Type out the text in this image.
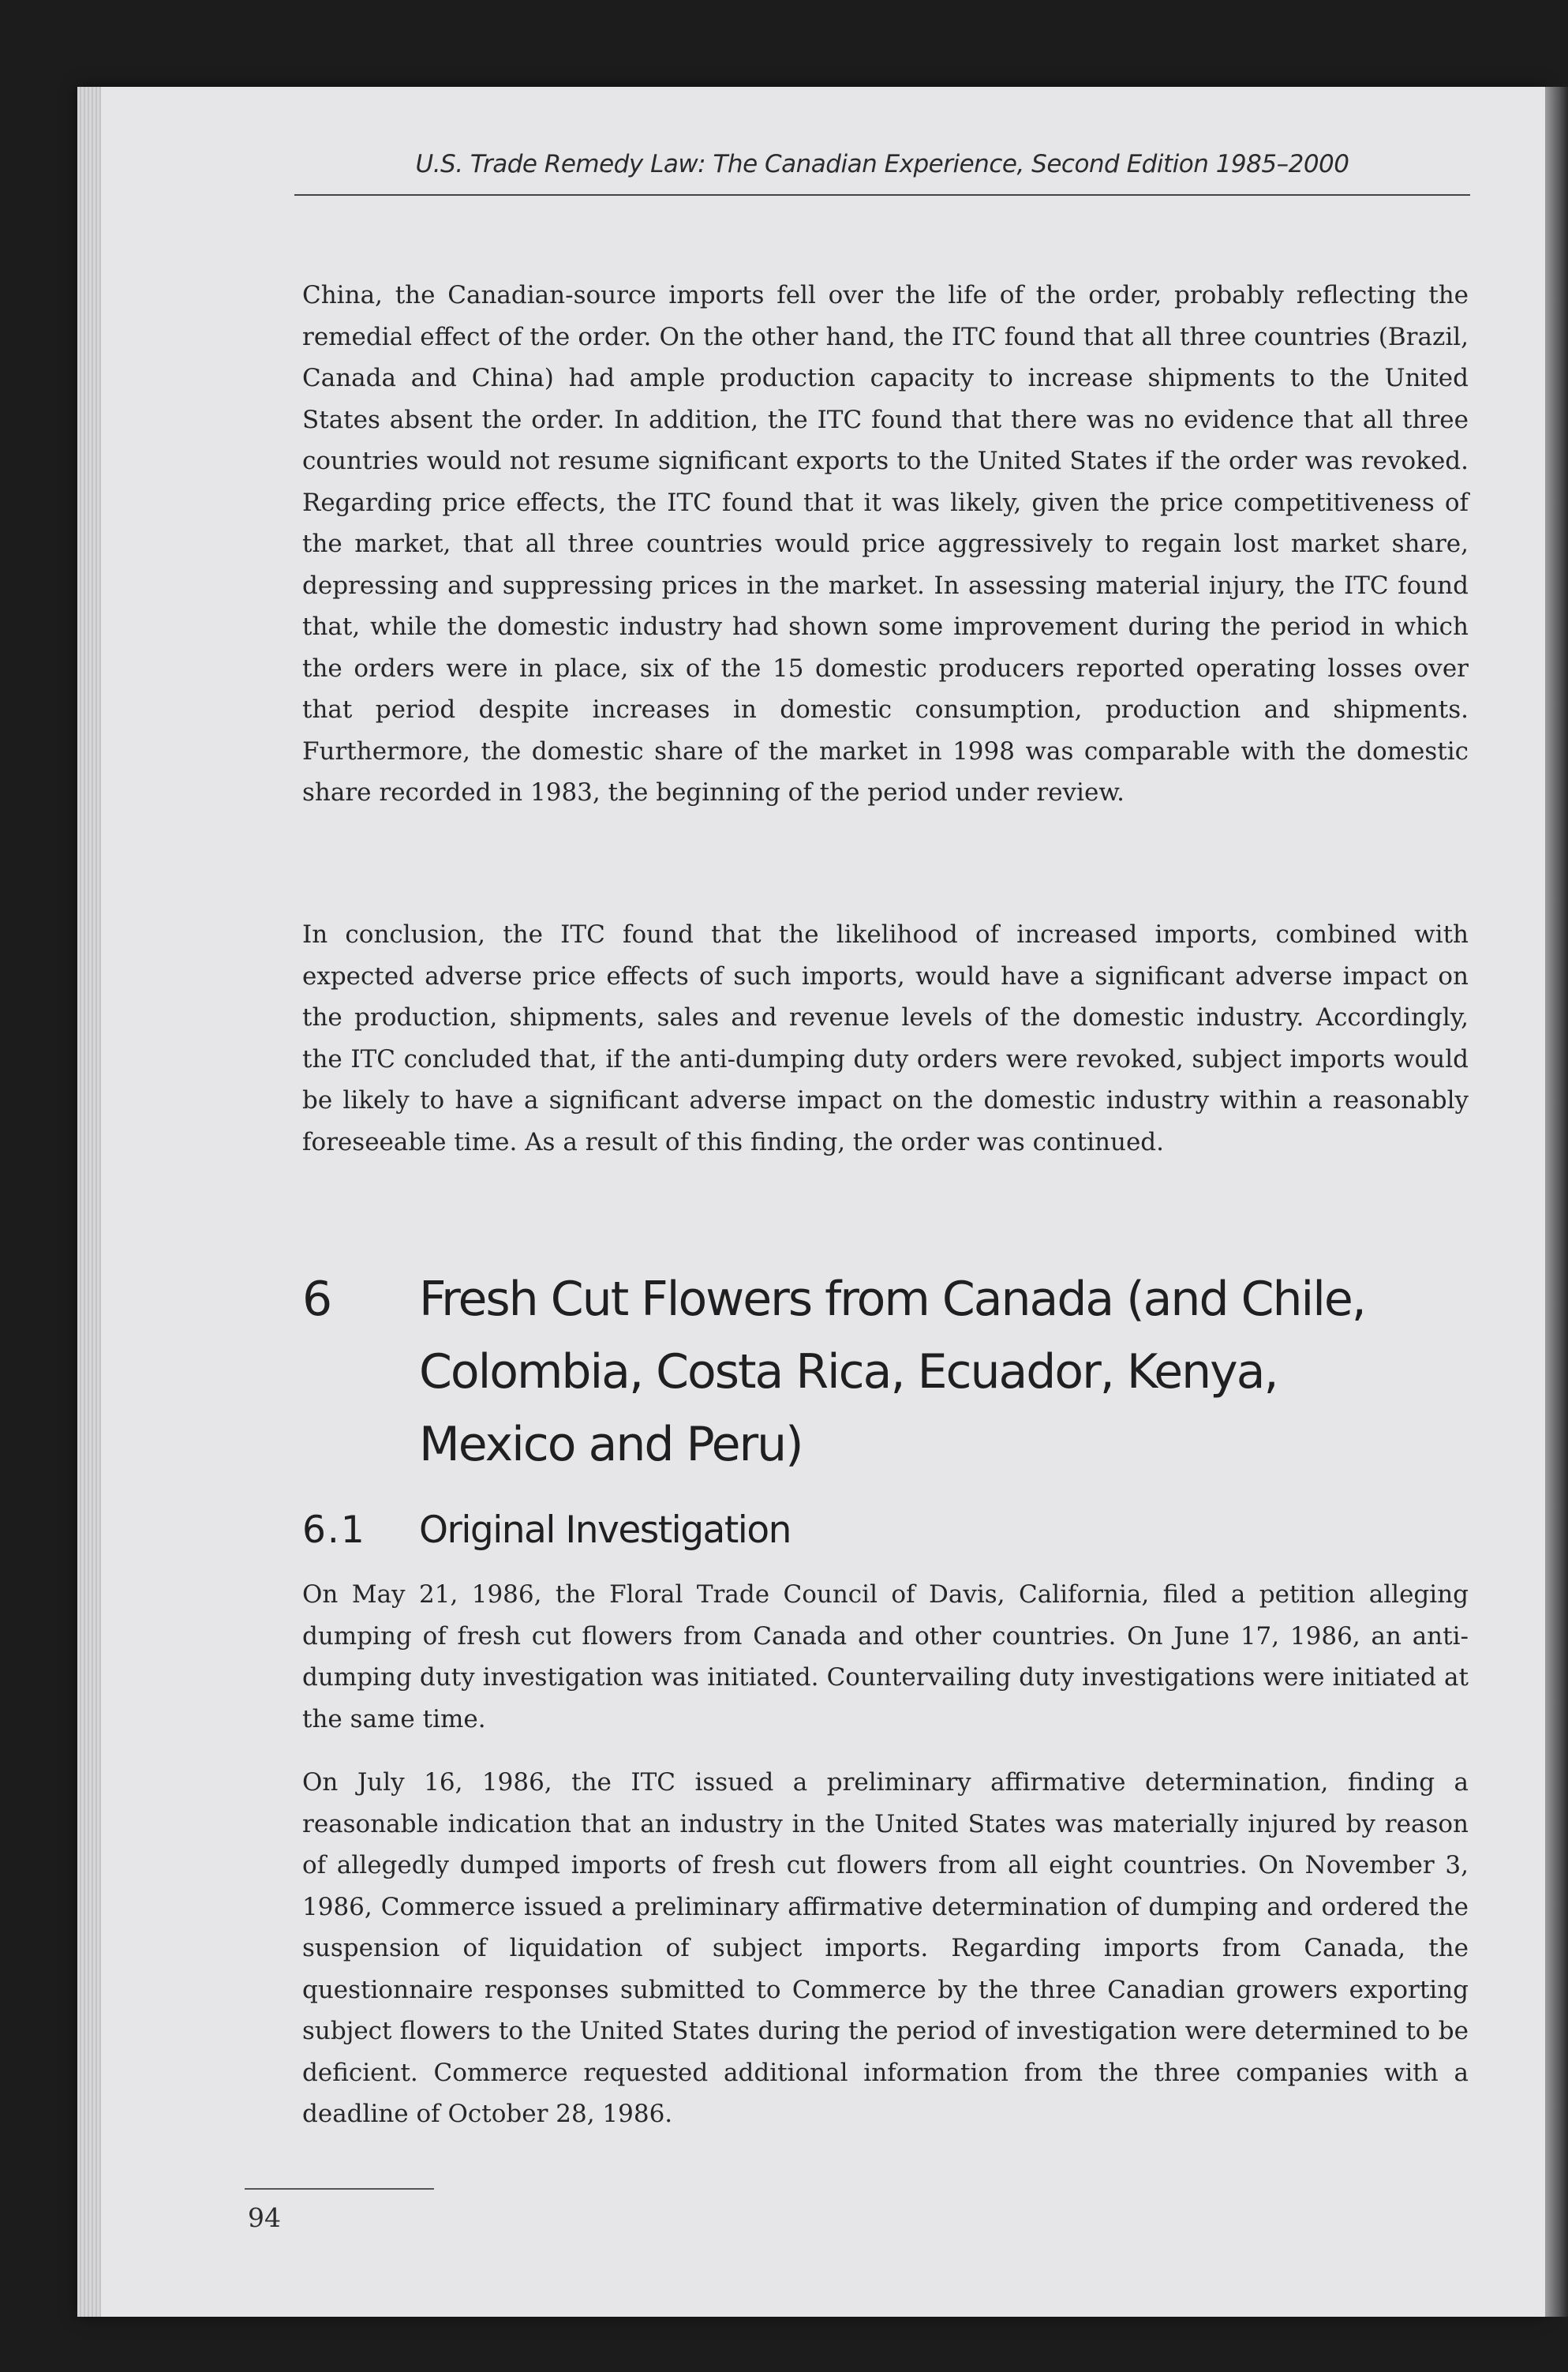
U.S. Trade Remedy Law: The Canadian Experience, Second Edition 1985–2000

China, the Canadian-source imports fell over the life of the order, probably reflecting the remedial effect of the order. On the other hand, the ITC found that all three countries (Brazil, Canada and China) had ample production capacity to increase shipments to the United States absent the order. In addition, the ITC found that there was no evidence that all three countries would not resume significant exports to the United States if the order was revoked. Regarding price effects, the ITC found that it was likely, given the price competitiveness of the market, that all three countries would price aggressively to regain lost market share, depressing and suppressing prices in the market. In assessing material injury, the ITC found that, while the domestic industry had shown some improvement during the period in which the orders were in place, six of the 15 domestic producers reported operating losses over that period despite increases in domestic consumption, production and shipments. Furthermore, the domestic share of the market in 1998 was comparable with the domestic share recorded in 1983, the beginning of the period under review.

In conclusion, the ITC found that the likelihood of increased imports, combined with expected adverse price effects of such imports, would have a significant adverse impact on the production, shipments, sales and revenue levels of the domestic industry. Accordingly, the ITC concluded that, if the anti-dumping duty orders were revoked, subject imports would be likely to have a significant adverse impact on the domestic industry within a reasonably foreseeable time. As a result of this finding, the order was continued.

6 Fresh Cut Flowers from Canada (and Chile, Colombia, Costa Rica, Ecuador, Kenya, Mexico and Peru)
6.1 Original Investigation

On May 21, 1986, the Floral Trade Council of Davis, California, filed a petition alleging dumping of fresh cut flowers from Canada and other countries. On June 17, 1986, an anti-dumping duty investigation was initiated. Countervailing duty investigations were initiated at the same time.

On July 16, 1986, the ITC issued a preliminary affirmative determination, finding a reasonable indication that an industry in the United States was materially injured by reason of allegedly dumped imports of fresh cut flowers from all eight countries. On November 3, 1986, Commerce issued a preliminary affirmative determination of dumping and ordered the suspension of liquidation of subject imports. Regarding imports from Canada, the questionnaire responses submitted to Commerce by the three Canadian growers exporting subject flowers to the United States during the period of investigation were determined to be deficient. Commerce requested additional information from the three companies with a deadline of October 28, 1986.

94
